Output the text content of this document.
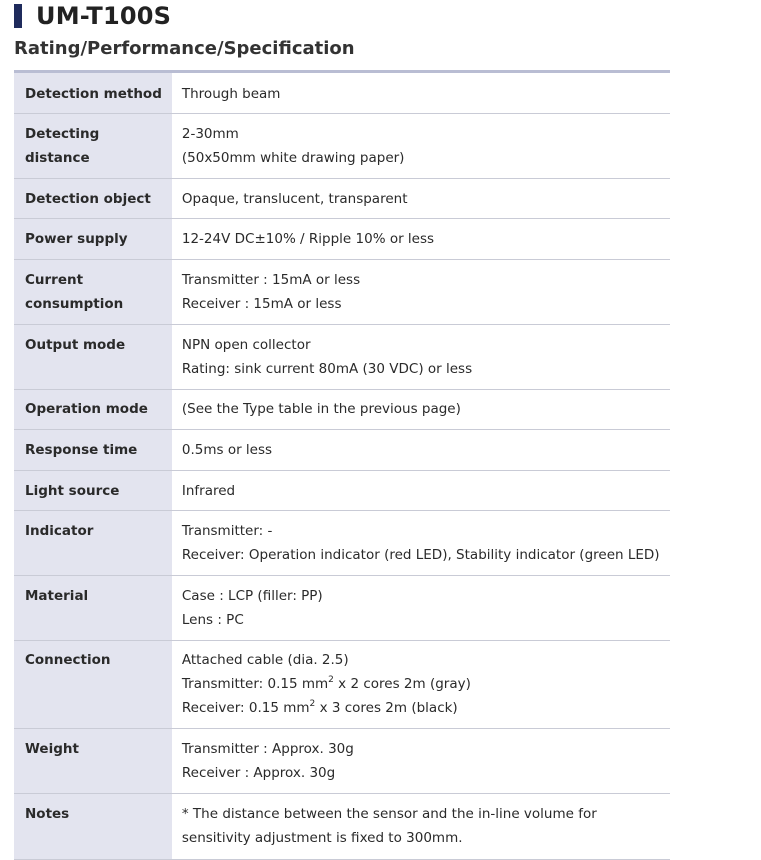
UM-T100S
Rating/Performance/Specification
Detection method	Through beam

Detecting
distance	2-30mm
(50x50mm white drawing paper)

Detection object	Opaque, translucent, transparent

Power supply	12-24V DC±10% / Ripple 10% or less

Current
consumption	Transmitter : 15mA or less
Receiver : 15mA or less

Output mode	NPN open collector
Rating: sink current 80mA (30 VDC) or less

Operation mode	(See the Type table in the previous page)

Response time	0.5ms or less

Light source	Infrared

Indicator	Transmitter: -
Receiver: Operation indicator (red LED), Stability indicator (green LED)

Material	Case : LCP (filler: PP)
Lens : PC

Connection	Attached cable (dia. 2.5)
Transmitter: 0.15 $mm^2$ x 2 cores 2m (gray)
Receiver: 0.15 $mm^2$ x 3 cores 2m (black)

Weight	Transmitter : Approx. 30g
Receiver : Approx. 30g

Notes	* The distance between the sensor and the in-line volume for sensitivity adjustment is fixed to 300mm.
